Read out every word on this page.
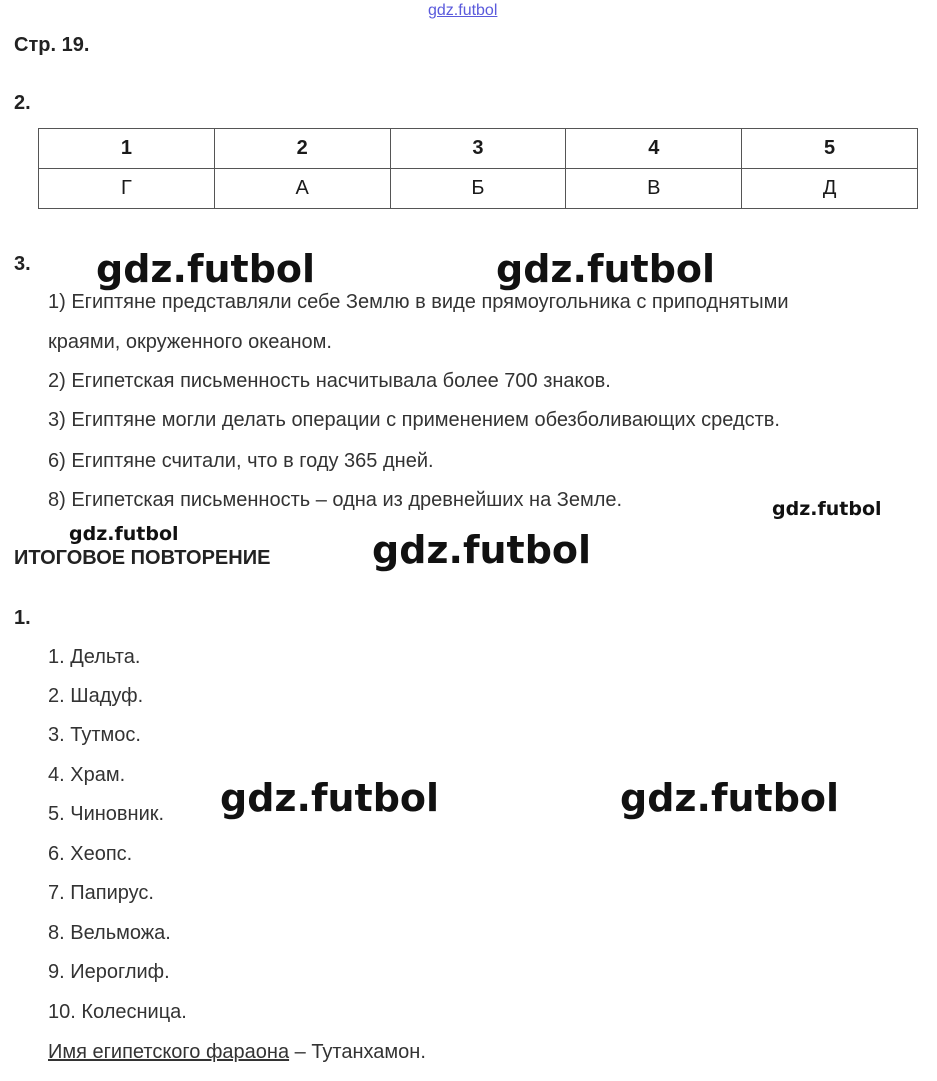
gdz.futbol
Стр. 19.
2.
1	2	3	4	5
Г	А	Б	В	Д
3. gdz.futbol	gdz.futbol
1) Египтяне представляли себе Землю в виде прямоугольника с приподнятыми
краями, окруженного океаном.
2) Египетская письменность насчитывала более 700 знаков.
3) Египтяне могли делать операции с применением обезболивающих средств.
6) Египтяне считали, что в году 365 дней.
8) Египетская письменность – одна из древнейших на Земле.	gdz.futbol
gdz.futbol
ИТОГОВОЕ ПОВТОРЕНИЕ	gdz.futbol
1.
1. Дельта.
2. Шадуф.
3. Тутмос.
4. Храм.
5. Чиновник.
6. Хеопс.
7. Папирус.
8. Вельможа.
9. Иероглиф.
10. Колесница.
gdz.futbol	gdz.futbol
Имя египетского фараона – Тутанхамон.
